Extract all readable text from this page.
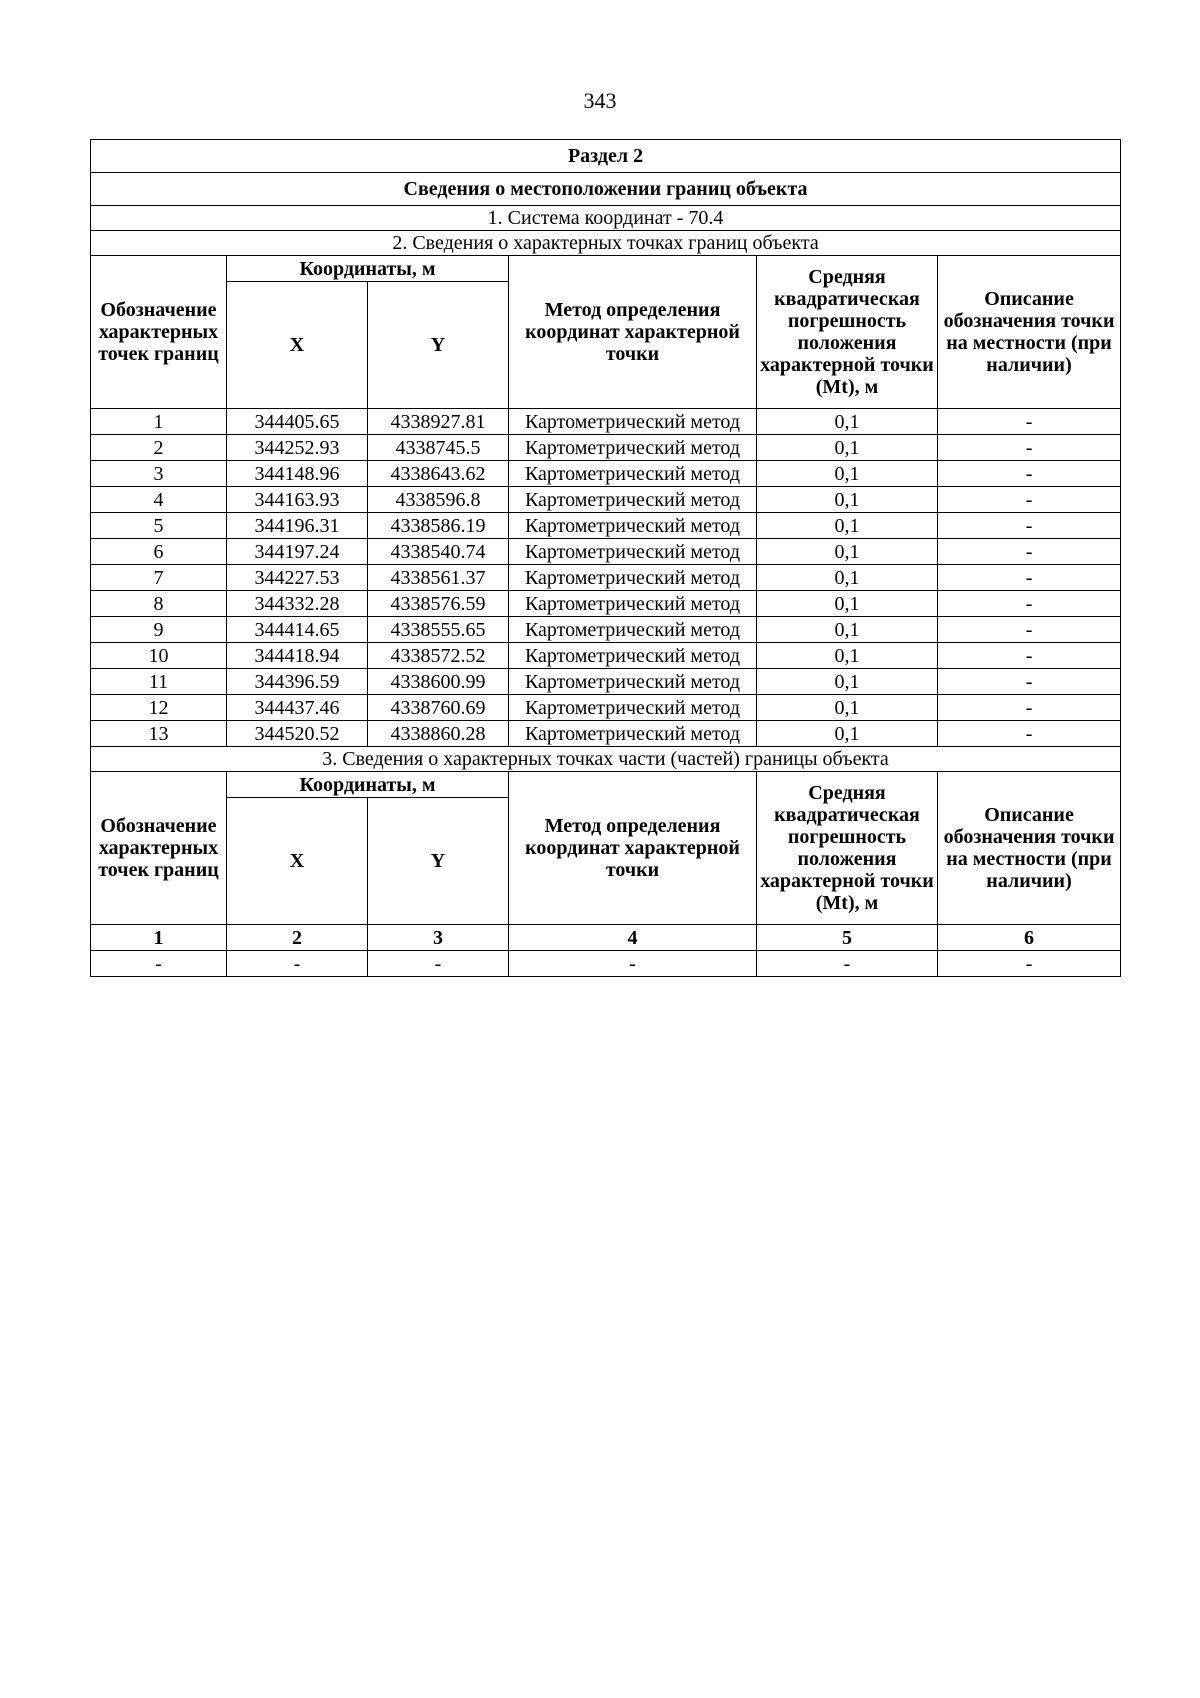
343
Раздел 2					
Сведения о местоположении границ объекта					
1. Система координат - 70.4					
2. Сведения о характерных точках границ объекта					
Обозначение характерных точек границ	Координаты, м		Метод определения координат характерной точки	Средняя квадратическая погрешность положения характерной точки (Mt), м	Описание обозначения точки на местности (при наличии)
	X	Y			
1	344405.65	4338927.81	Картометрический метод	0,1	-
2	344252.93	4338745.5	Картометрический метод	0,1	-
3	344148.96	4338643.62	Картометрический метод	0,1	-
4	344163.93	4338596.8	Картометрический метод	0,1	-
5	344196.31	4338586.19	Картометрический метод	0,1	-
6	344197.24	4338540.74	Картометрический метод	0,1	-
7	344227.53	4338561.37	Картометрический метод	0,1	-
8	344332.28	4338576.59	Картометрический метод	0,1	-
9	344414.65	4338555.65	Картометрический метод	0,1	-
10	344418.94	4338572.52	Картометрический метод	0,1	-
11	344396.59	4338600.99	Картометрический метод	0,1	-
12	344437.46	4338760.69	Картометрический метод	0,1	-
13	344520.52	4338860.28	Картометрический метод	0,1	-
3. Сведения о характерных точках части (частей) границы объекта					
Обозначение характерных точек границ	Координаты, м		Метод определения координат характерной точки	Средняя квадратическая погрешность положения характерной точки (Mt), м	Описание обозначения точки на местности (при наличии)
	X	Y			
1	2	3	4	5	6
-	-	-	-	-	-
